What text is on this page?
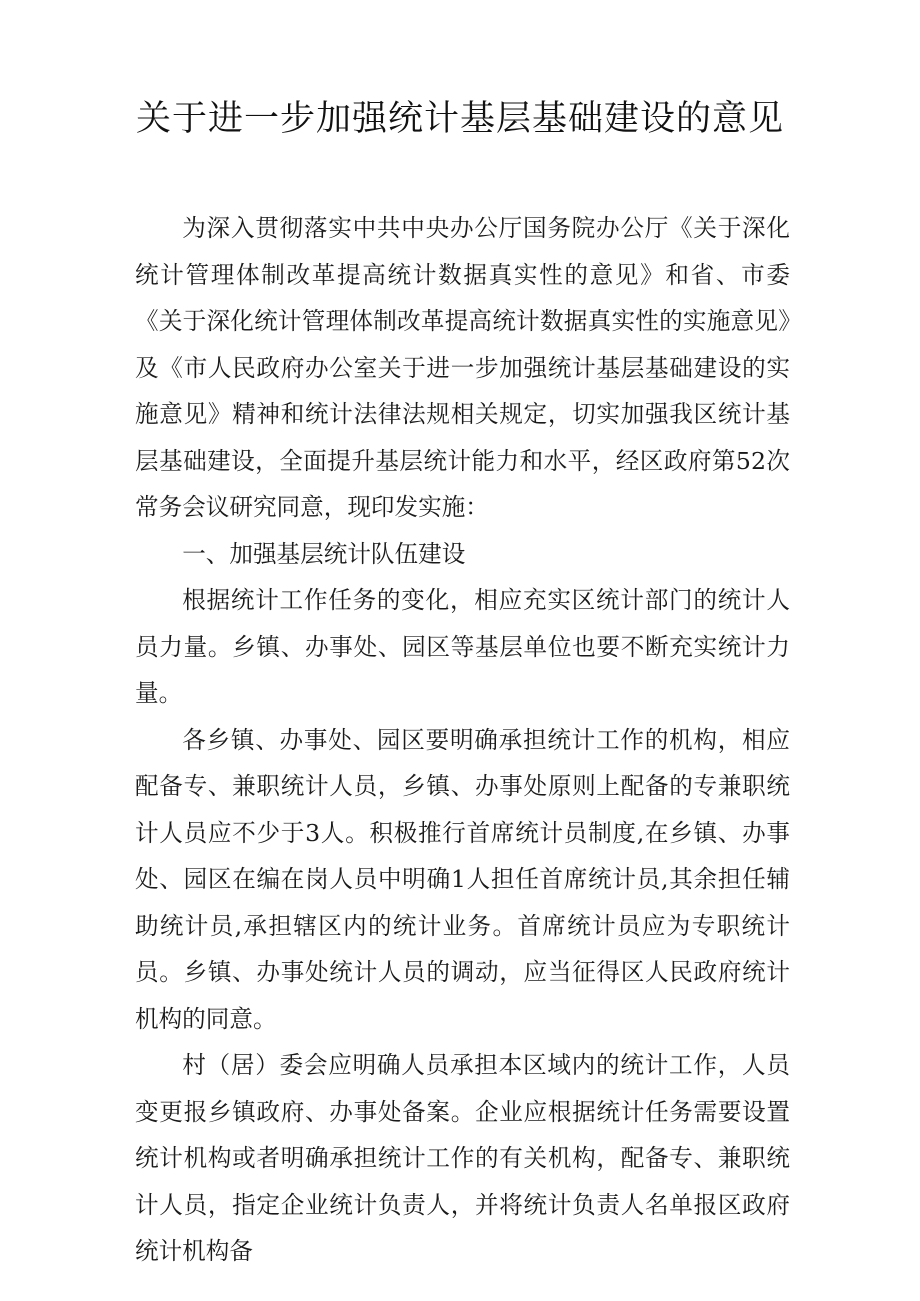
关于进一步加强统计基层基础建设的意见

为深入贯彻落实中共中央办公厅国务院办公厅《关于深化统计管理体制改革提高统计数据真实性的意见》和省、市委《关于深化统计管理体制改革提高统计数据真实性的实施意见》及《市人民政府办公室关于进一步加强统计基层基础建设的实施意见》精神和统计法律法规相关规定，切实加强我区统计基层基础建设，全面提升基层统计能力和水平，经区政府第52次常务会议研究同意，现印发实施：

一、加强基层统计队伍建设

根据统计工作任务的变化，相应充实区统计部门的统计人员力量。乡镇、办事处、园区等基层单位也要不断充实统计力量。

各乡镇、办事处、园区要明确承担统计工作的机构，相应配备专、兼职统计人员，乡镇、办事处原则上配备的专兼职统计人员应不少于3人。积极推行首席统计员制度,在乡镇、办事处、园区在编在岗人员中明确1人担任首席统计员,其余担任辅助统计员,承担辖区内的统计业务。首席统计员应为专职统计员。乡镇、办事处统计人员的调动，应当征得区人民政府统计机构的同意。

村（居）委会应明确人员承担本区域内的统计工作，人员变更报乡镇政府、办事处备案。企业应根据统计任务需要设置统计机构或者明确承担统计工作的有关机构，配备专、兼职统计人员，指定企业统计负责人，并将统计负责人名单报区政府统计机构备
